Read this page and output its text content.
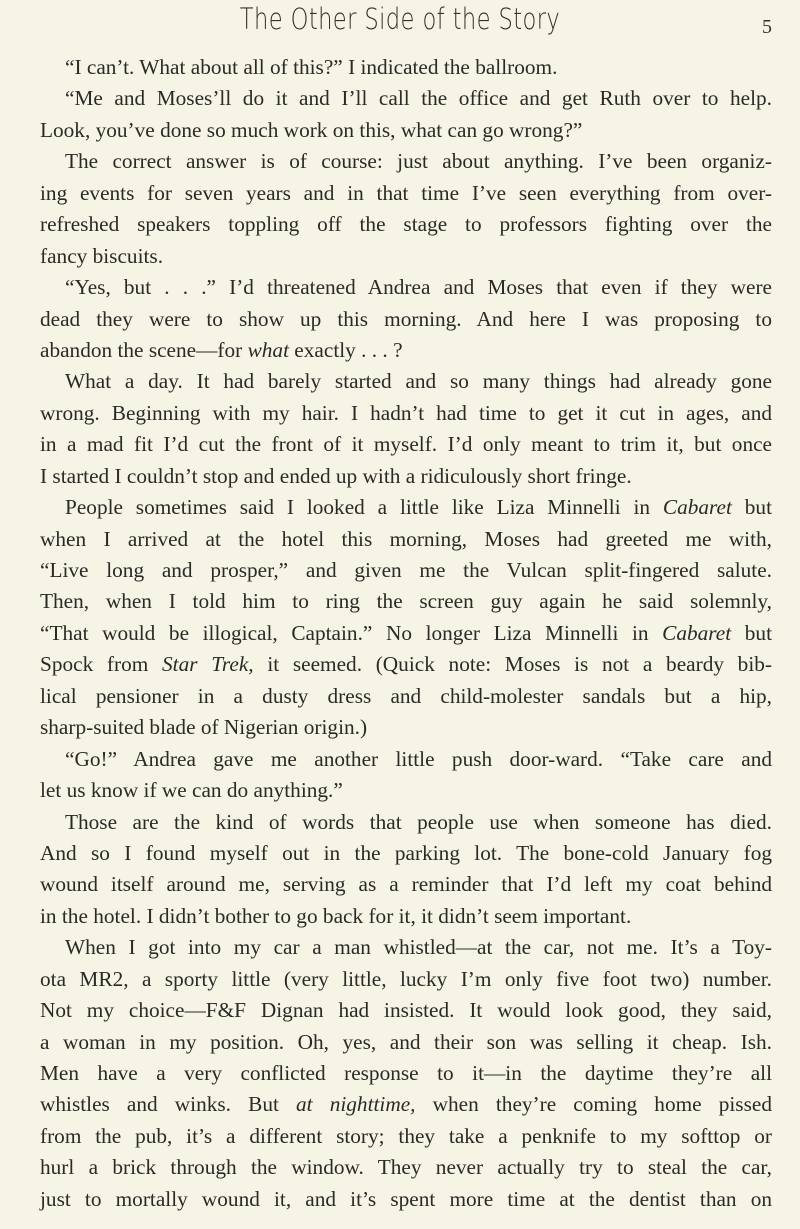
The Other Side of the Story	5
“I can’t. What about all of this?” I indicated the ballroom.
“Me and Moses’ll do it and I’ll call the office and get Ruth over to help.
Look, you’ve done so much work on this, what can go wrong?”
The correct answer is of course: just about anything. I’ve been organiz-
ing events for seven years and in that time I’ve seen everything from over-
refreshed speakers toppling off the stage to professors fighting over the
fancy biscuits.
“Yes, but . . .” I’d threatened Andrea and Moses that even if they were
dead they were to show up this morning. And here I was proposing to
abandon the scene—for what exactly . . . ?
What a day. It had barely started and so many things had already gone
wrong. Beginning with my hair. I hadn’t had time to get it cut in ages, and
in a mad fit I’d cut the front of it myself. I’d only meant to trim it, but once
I started I couldn’t stop and ended up with a ridiculously short fringe.
People sometimes said I looked a little like Liza Minnelli in Cabaret but
when I arrived at the hotel this morning, Moses had greeted me with,
“Live long and prosper,” and given me the Vulcan split-fingered salute.
Then, when I told him to ring the screen guy again he said solemnly,
“That would be illogical, Captain.” No longer Liza Minnelli in Cabaret but
Spock from Star Trek, it seemed. (Quick note: Moses is not a beardy bib-
lical pensioner in a dusty dress and child-molester sandals but a hip,
sharp-suited blade of Nigerian origin.)
“Go!” Andrea gave me another little push door-ward. “Take care and
let us know if we can do anything.”
Those are the kind of words that people use when someone has died.
And so I found myself out in the parking lot. The bone-cold January fog
wound itself around me, serving as a reminder that I’d left my coat behind
in the hotel. I didn’t bother to go back for it, it didn’t seem important.
When I got into my car a man whistled—at the car, not me. It’s a Toy-
ota MR2, a sporty little (very little, lucky I’m only five foot two) number.
Not my choice—F&F Dignan had insisted. It would look good, they said,
a woman in my position. Oh, yes, and their son was selling it cheap. Ish.
Men have a very conflicted response to it—in the daytime they’re all
whistles and winks. But at nighttime, when they’re coming home pissed
from the pub, it’s a different story; they take a penknife to my softtop or
hurl a brick through the window. They never actually try to steal the car,
just to mortally wound it, and it’s spent more time at the dentist than on
